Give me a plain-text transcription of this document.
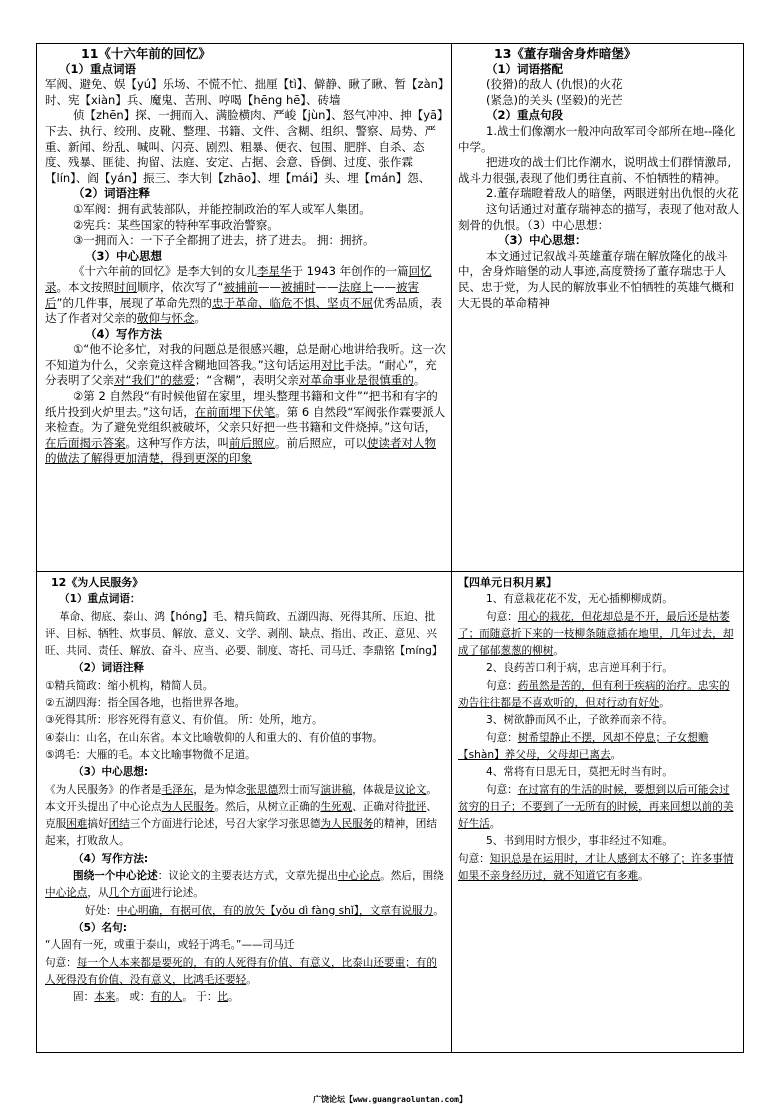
11《十六年前的回忆》

（1）重点词语

军阀、避免、娱【yú】乐场、不慌不忙、拙厘【tì】、僻静、瞅了瞅、暂【zàn】时、宪【xiàn】兵、魔鬼、苦刑、哼喝【hēng hē】、砖墙

侦【zhēn】探、一拥而入、满脸横肉、严峻【jùn】、怒气冲冲、抻【yā】下去、执行、绞刑、皮靴、整理、书籍、文件、含糊、组织、警察、局势、严重、新闻、纷乱、喊叫、闪亮、剧烈、粗暴、便衣、包围、肥胖、自杀、态度、残暴、匪徒、拘留、法庭、安定、占据、会意、昏倒、过度、张作霖【lín】、阎【yán】振三、李大钊【zhāo】、埋【mái】头、埋【mán】怨、

（2）词语注释

①军阀：拥有武装部队，并能控制政治的军人或军人集团。

②宪兵：某些国家的特种军事政治警察。

③一拥而入：一下子全都拥了进去，挤了进去。 拥：拥挤。

（3）中心思想

《十六年前的回忆》是李大钊的女儿李星华于 1943 年创作的一篇回忆录。本文按照时间顺序，依次写了“被捕前——被捕时——法庭上——被害后”的几件事，展现了革命先烈的忠于革命、临危不惧、坚贞不屈优秀品质，表达了作者对父亲的敬仰与怀念。

（4）写作方法

①“他不论多忙，对我的问题总是很感兴趣，总是耐心地讲给我听。这一次不知道为什么，父亲竟这样含糊地回答我。”这句话运用对比手法。“耐心”，充分表明了父亲对“我们”的慈爱；“含糊”，表明父亲对革命事业是很慎重的。

②第 2 自然段“有时候他留在家里，埋头整理书籍和文件”“把书和有字的纸片投到火炉里去。”这句话，在前面埋下伏笔。第 6 自然段“军阀张作霖要派人来检查。为了避免党组织被破坏，父亲只好把一些书籍和文件烧掉。”这句话，在后面揭示答案。这种写作方法，叫前后照应。前后照应，可以使读者对人物的做法了解得更加清楚，得到更深的印象

13《董存瑞舍身炸暗堡》

（1）词语搭配

(狡猾)的敌人 (仇恨)的火花

(紧急)的关头 (坚毅)的光芒

（2）重点句段

1.战士们像潮水一般冲向敌军司令部所在地--隆化中学。

把进攻的战士们比作潮水，说明战士们群情激昂,战斗力很强,表现了他们勇往直前、不怕牺牲的精神。

2.董存瑞瞪着敌人的暗堡，两眼迸射出仇恨的火花

这句话通过对董存瑞神态的描写，表现了他对敌人刻骨的仇恨。（3）中心思想：

（3）中心思想：

本文通过记叙战斗英雄董存瑞在解放隆化的战斗中，舍身炸暗堡的动人事迹,高度赞扬了董存瑞忠于人民、忠于党，为人民的解放事业不怕牺牲的英雄气概和大无畏的革命精神

12《为人民服务》

（1）重点词语：

革命、彻底、泰山、鸿【hóng】毛、精兵简政、五湖四海、死得其所、压迫、批评、目标、牺牲、炊事员、解放、意义、文学、剥削、缺点、指出、改正、意见、兴旺、共同、责任、解放、奋斗、应当、必要、制度、寄托、司马迁、李鼎铭【míng】

（2）词语注释

①精兵简政：缩小机构，精简人员。

②五湖四海：指全国各地，也指世界各地。

③死得其所：形容死得有意义、有价值。 所：处所，地方。

④泰山：山名，在山东省。本文比喻敬仰的人和重大的、有价值的事物。

⑤鸿毛：大雁的毛。本文比喻事物微不足道。

（3）中心思想:

《为人民服务》的作者是毛泽东，是为悼念张思德烈士而写演讲稿，体裁是议论文。本文开头提出了中心论点为人民服务。然后，从树立正确的生死观、正确对待批评、克服困难搞好团结三个方面进行论述，号召大家学习张思德为人民服务的精神，团结起来，打败敌人。

（4）写作方法:

围绕一个中心论述：议论文的主要表达方式，文章先提出中心论点。然后，围绕中心论点，从几个方面进行论述。

好处：中心明确，有据可依，有的放矢【yǒu dì fàng shǐ】，文章有说服力。

（5）名句:

“人固有一死，或重于泰山，或轻于鸿毛。”——司马迁

句意：每一个人本来都是要死的，有的人死得有价值、有意义，比泰山还要重；有的人死得没有价值、没有意义，比鸿毛还要轻。

固：本来。 或：有的人。 于：比。

【四单元日积月累】

1、有意栽花花不发，无心插柳柳成荫。

句意：用心的栽花，但花却总是不开，最后还是枯萎了；而随意折下来的一枝柳条随意插在地里，几年过去，却成了郁郁葱葱的柳树。

2、良药苦口利于病，忠言逆耳利于行。

句意：药虽然是苦的，但有利于疾病的治疗。忠实的劝告往往都是不喜欢听的，但对行动有好处。

3、树欲静而风不止，子欲养而亲不待。

句意：树希望静止不摆，风却不停息；子女想赡【shàn】养父母，父母却已离去。

4、常将有日思无日，莫把无时当有时。

句意：在过富有的生活的时候，要想到以后可能会过贫穷的日子；不要到了一无所有的时候，再来回想以前的美好生活。

5、书到用时方恨少，事非经过不知难。

句意：知识总是在运用时，才让人感到太不够了；许多事情如果不亲身经历过，就不知道它有多难。

广饶论坛【www.guangraoluntan.com】
